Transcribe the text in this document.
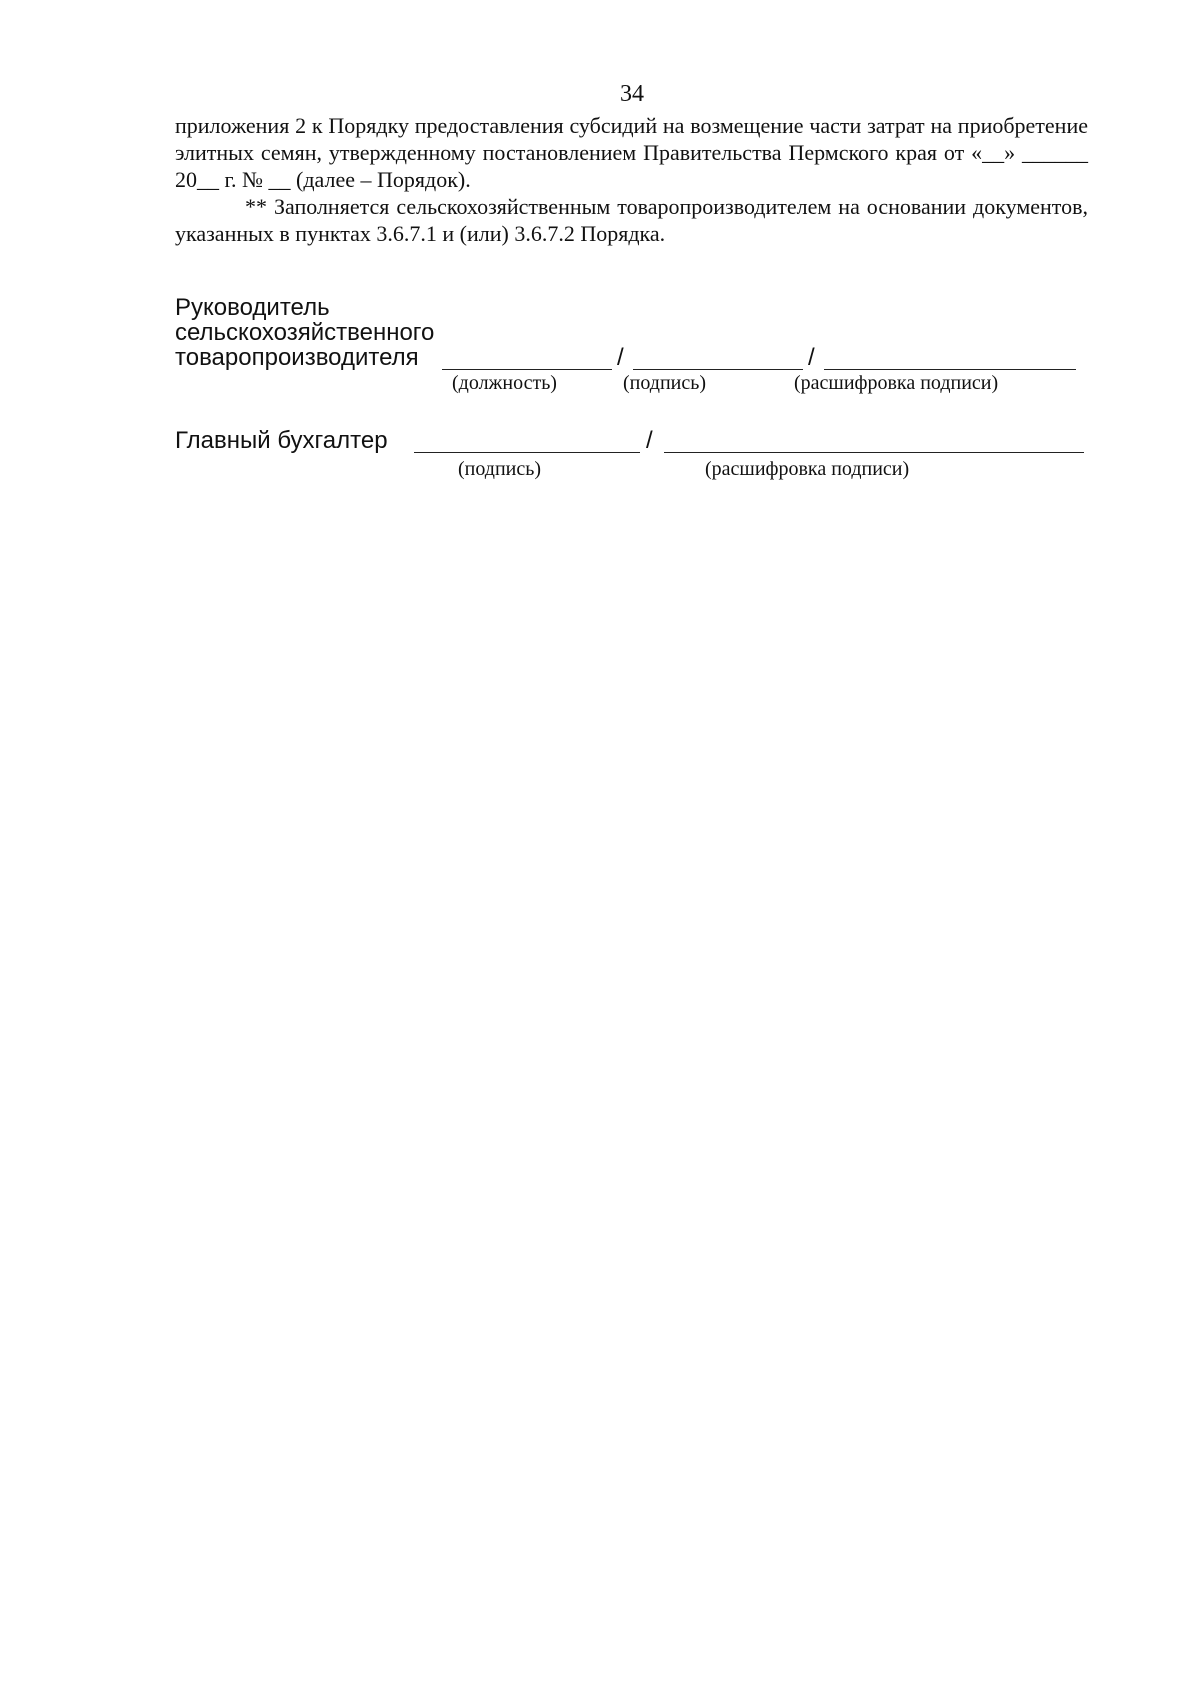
34

приложения 2 к Порядку предоставления субсидий на возмещение части затрат на приобретение элитных семян, утвержденному постановлением Правительства Пермского края от «__» ______ 20__ г. № __ (далее – Порядок).

** Заполняется сельскохозяйственным товаропроизводителем на основании документов, указанных в пунктах 3.6.7.1 и (или) 3.6.7.2 Порядка.

Руководитель
сельскохозяйственного
товаропроизводителя	/	/
(должность)	(подпись)	(расшифровка подписи)
Главный бухгалтер	/
(подпись)	(расшифровка подписи)
